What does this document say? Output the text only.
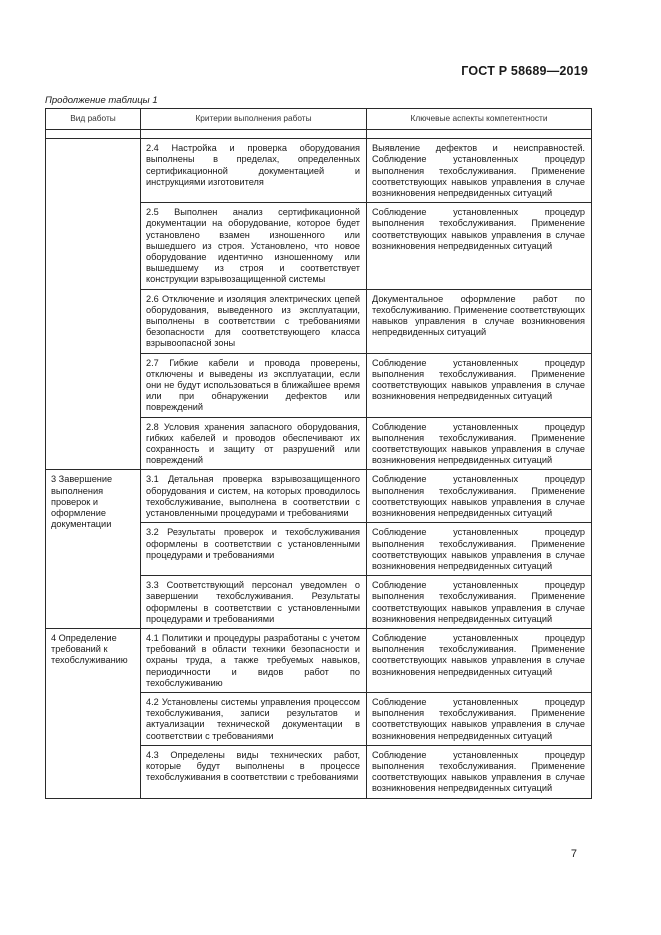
ГОСТ Р 58689—2019
Продолжение таблицы 1
Вид работы	Критерии выполнения работы	Ключевые аспекты компетентности

	2.4 Настройка и проверка оборудования выполнены в пределах, определенных сертификационной документацией и инструкциями изготовителя	Выявление дефектов и неисправностей. Соблюдение установленных процедур выполнения техобслуживания. Применение соответствующих навыков управления в случае возникновения непредвиденных ситуаций
	2.5 Выполнен анализ сертификационной документации на оборудование, которое будет установлено взамен изношенного или вышедшего из строя. Установлено, что новое оборудование идентично изношенному или вышедшему из строя и соответствует конструкции взрывозащищенной системы	Соблюдение установленных процедур выполнения техобслуживания. Применение соответствующих навыков управления в случае возникновения непредвиденных ситуаций
	2.6 Отключение и изоляция электрических цепей оборудования, выведенного из эксплуатации, выполнены в соответствии с требованиями безопасности для соответствующего класса взрывоопасной зоны	Документальное оформление работ по техобслуживанию. Применение соответствующих навыков управления в случае возникновения непредвиденных ситуаций
	2.7 Гибкие кабели и провода проверены, отключены и выведены из эксплуатации, если они не будут использоваться в ближайшее время или при обнаружении дефектов или повреждений	Соблюдение установленных процедур выполнения техобслуживания. Применение соответствующих навыков управления в случае возникновения непредвиденных ситуаций
	2.8 Условия хранения запасного оборудования, гибких кабелей и проводов обеспечивают их сохранность и защиту от разрушений или повреждений	Соблюдение установленных процедур выполнения техобслуживания. Применение соответствующих навыков управления в случае возникновения непредвиденных ситуаций
3 Завершение выполнения проверок и оформление документации	3.1 Детальная проверка взрывозащищенного оборудования и систем, на которых проводилось техобслуживание, выполнена в соответствии с установленными процедурами и требованиями	Соблюдение установленных процедур выполнения техобслуживания. Применение соответствующих навыков управления в случае возникновения непредвиденных ситуаций
	3.2 Результаты проверок и техобслуживания оформлены в соответствии с установленными процедурами и требованиями	Соблюдение установленных процедур выполнения техобслуживания. Применение соответствующих навыков управления в случае возникновения непредвиденных ситуаций
	3.3 Соответствующий персонал уведомлен о завершении техобслуживания. Результаты оформлены в соответствии с установленными процедурами и требованиями	Соблюдение установленных процедур выполнения техобслуживания. Применение соответствующих навыков управления в случае возникновения непредвиденных ситуаций
4 Определение требований к техобслуживанию	4.1 Политики и процедуры разработаны с учетом требований в области техники безопасности и охраны труда, а также требуемых навыков, периодичности и видов работ по техобслуживанию	Соблюдение установленных процедур выполнения техобслуживания. Применение соответствующих навыков управления в случае возникновения непредвиденных ситуаций
	4.2 Установлены системы управления процессом техобслуживания, записи результатов и актуализации технической документации в соответствии с требованиями	Соблюдение установленных процедур выполнения техобслуживания. Применение соответствующих навыков управления в случае возникновения непредвиденных ситуаций
	4.3 Определены виды технических работ, которые будут выполнены в процессе техобслуживания в соответствии с требованиями	Соблюдение установленных процедур выполнения техобслуживания. Применение соответствующих навыков управления в случае возникновения непредвиденных ситуаций
7
